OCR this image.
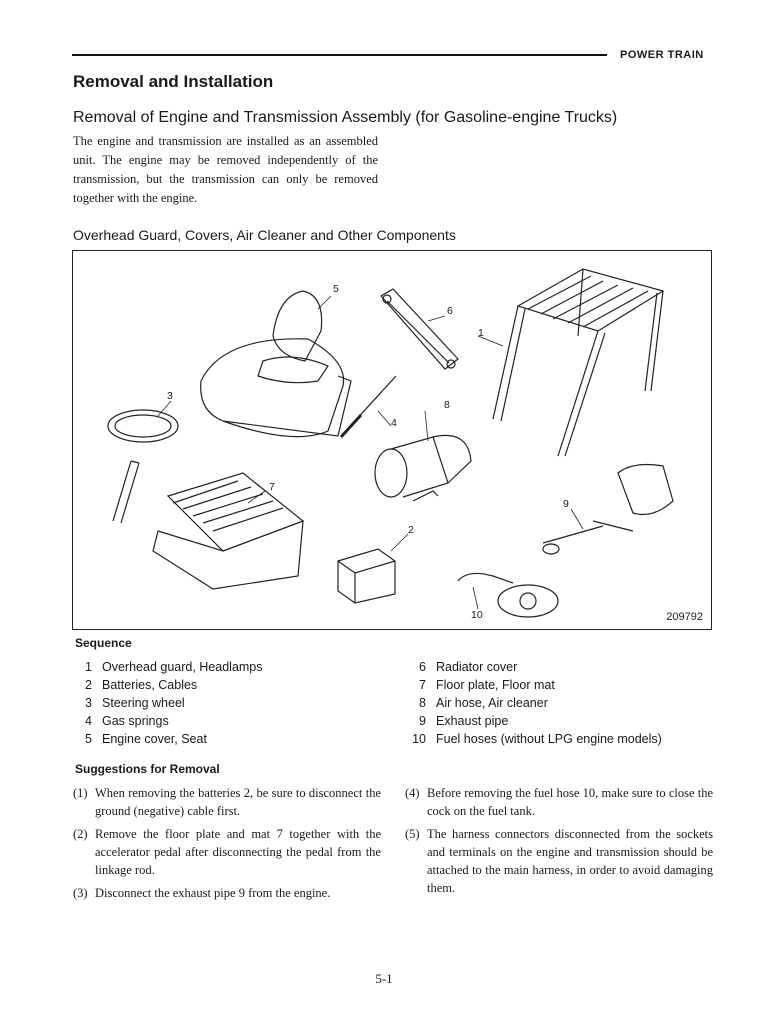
POWER TRAIN
Removal and Installation
Removal of Engine and Transmission Assembly (for Gasoline-engine Trucks)
The engine and transmission are installed as an assembled unit. The engine may be removed independently of the transmission, but the transmission can only be removed together with the engine.
Overhead Guard, Covers, Air Cleaner and Other Components
1
2
3
4
5
6
7
8
9
10	209792
Sequence
1 Overhead guard, Headlamps
2 Batteries, Cables
3 Steering wheel
4 Gas springs
5 Engine cover, Seat
6 Radiator cover
7 Floor plate, Floor mat
8 Air hose, Air cleaner
9 Exhaust pipe
10 Fuel hoses (without LPG engine models)
Suggestions for Removal
(1) When removing the batteries 2, be sure to disconnect the ground (negative) cable first.
(2) Remove the floor plate and mat 7 together with the accelerator pedal after disconnecting the pedal from the linkage rod.
(3) Disconnect the exhaust pipe 9 from the engine.
(4) Before removing the fuel hose 10, make sure to close the cock on the fuel tank.
(5) The harness connectors disconnected from the sockets and terminals on the engine and transmission should be attached to the main harness, in order to avoid damaging them.
5-1
